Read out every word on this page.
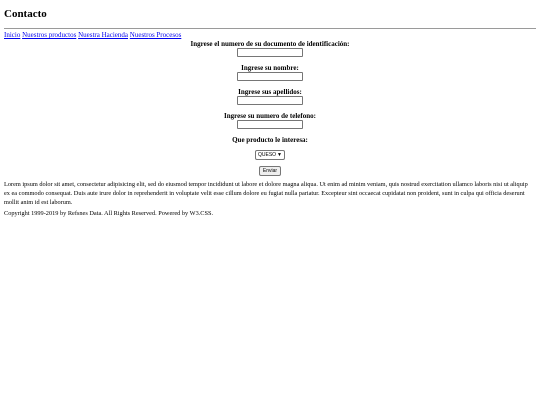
Contacto
Inicio Nuestros productos Nuestra Hacienda Nuestros Procesos
Ingrese el numero de su documento de identificación:
Ingrese su nombre:
Ingrese sus apellidos:
Ingrese su numero de telefono:
Que producto le interesa:
QUESO▼
Enviar

Lorem ipsum dolor sit amet, consectetur adipisicing elit, sed do eiusmod tempor incididunt ut labore et dolore magna aliqua. Ut enim ad minim veniam, quis nostrud exercitation ullamco laboris nisi ut aliquip ex ea commodo consequat. Duis aute irure dolor in reprehenderit in voluptate velit esse cillum dolore eu fugiat nulla pariatur. Excepteur sint occaecat cupidatat non proident, sunt in culpa qui officia deserunt mollit anim id est laborum.

Copyright 1999-2019 by Refsnes Data. All Rights Reserved. Powered by W3.CSS.
